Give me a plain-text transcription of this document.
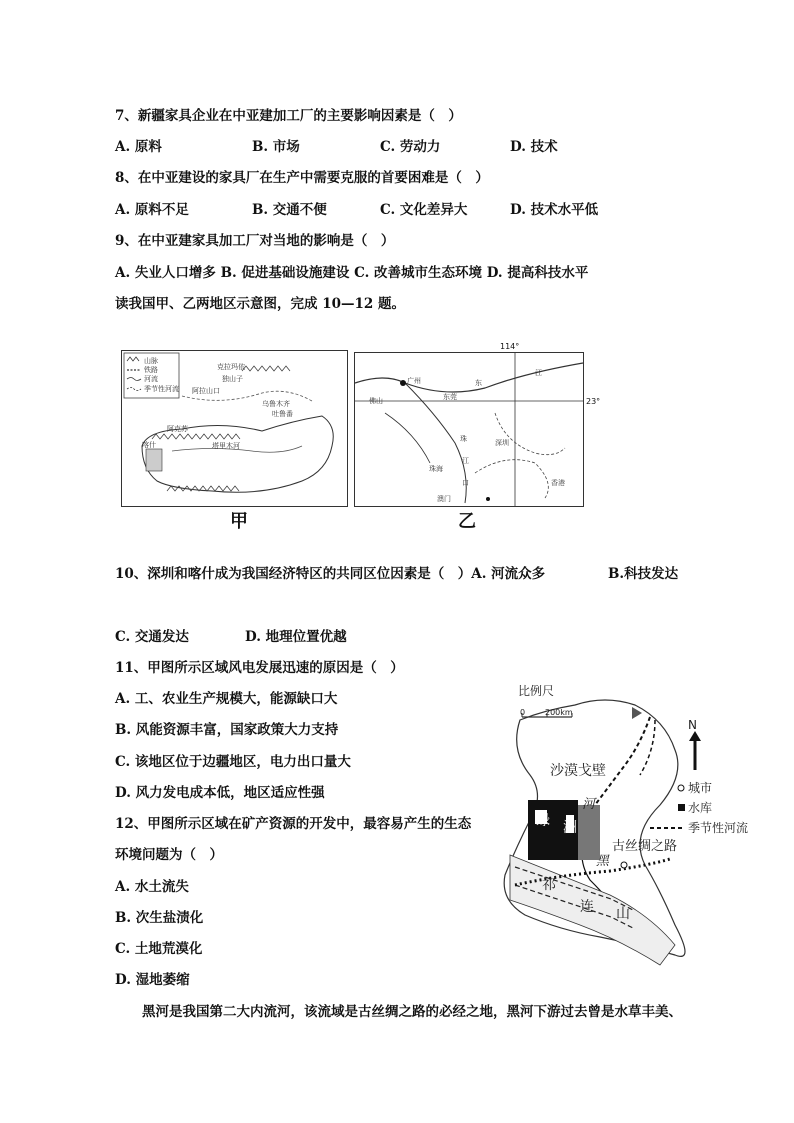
7、新疆家具企业在中亚建加工厂的主要影响因素是（　）
A. 原料	B. 市场	C. 劳动力	D. 技术
8、在中亚建设的家具厂在生产中需要克服的首要困难是（　）
A. 原料不足	B. 交通不便	C. 文化差异大	D. 技术水平低
9、在中亚建家具加工厂对当地的影响是（　）
A. 失业人口增多 B. 促进基础设施建设 C. 改善城市生态环境 D. 提高科技水平
读我国甲、乙两地区示意图，完成 10—12 题。
山脉
铁路
河流
季节性河流
克拉玛依
独山子
阿拉山口
乌鲁木齐
吐鲁番
阿克苏
喀什	塔里木河
甲
广州
佛山	东莞
东
江
珠
江
口
珠海
深圳
澳门
香港
114°
23°
乙
10、深圳和喀什成为我国经济特区的共同区位因素是（　）A. 河流众多	B.科技发达
C. 交通发达	D. 地理位置优越
11、甲图所示区域风电发展迅速的原因是（　）
A. 工、农业生产规模大，能源缺口大
B. 风能资源丰富，国家政策大力支持
C. 该地区位于边疆地区，电力出口量大
D. 风力发电成本低，地区适应性强
12、甲图所示区域在矿产资源的开发中，最容易产生的生态
环境问题为（　）
A. 水土流失
B. 次生盐渍化
C. 土地荒漠化
D. 湿地萎缩
比例尺
0 200km
N
城市
水库
季节性河流
沙漠戈壁
河
黑
绿 洲
古丝绸之路
祁
连 山
黑河是我国第二大内流河，该流域是古丝绸之路的必经之地，黑河下游过去曾是水草丰美、
